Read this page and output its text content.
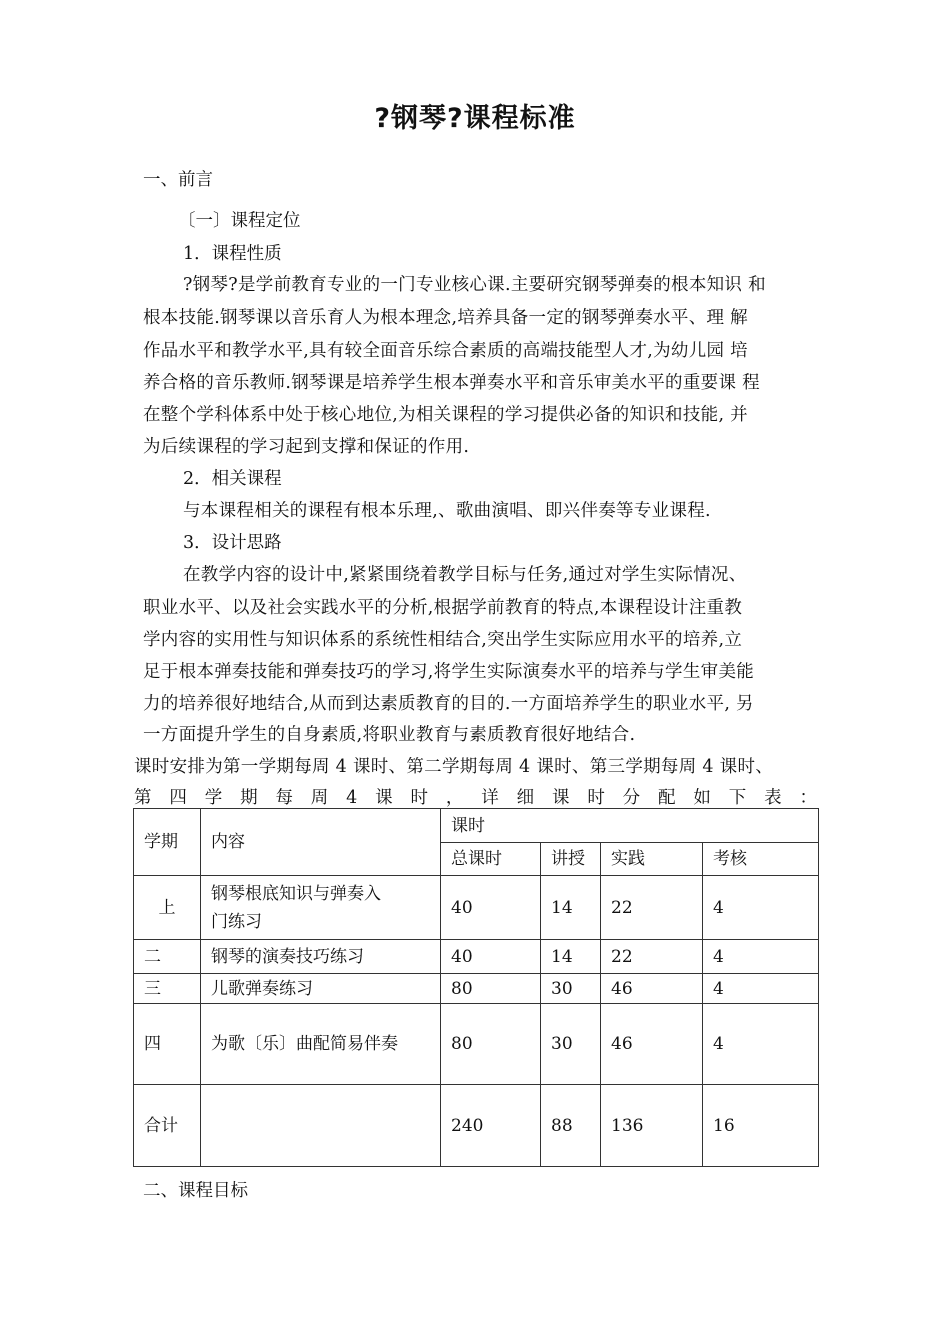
?钢琴?课程标准
一、前言
〔一〕课程定位
1．课程性质
?钢琴?是学前教育专业的一门专业核心课.主要研究钢琴弹奏的根本知识 和
根本技能.钢琴课以音乐育人为根本理念,培养具备一定的钢琴弹奏水平、理 解
作品水平和教学水平,具有较全面音乐综合素质的高端技能型人才,为幼儿园 培
养合格的音乐教师.钢琴课是培养学生根本弹奏水平和音乐审美水平的重要课 程
在整个学科体系中处于核心地位,为相关课程的学习提供必备的知识和技能, 并
为后续课程的学习起到支撑和保证的作用.
2．相关课程
与本课程相关的课程有根本乐理,、歌曲演唱、即兴伴奏等专业课程.
3．设计思路
在教学内容的设计中,紧紧围绕着教学目标与任务,通过对学生实际情况、
职业水平、以及社会实践水平的分析,根据学前教育的特点,本课程设计注重教
学内容的实用性与知识体系的系统性相结合,突出学生实际应用水平的培养,立
足于根本弹奏技能和弹奏技巧的学习,将学生实际演奏水平的培养与学生审美能
力的培养很好地结合,从而到达素质教育的目的.一方面培养学生的职业水平, 另
一方面提升学生的自身素质,将职业教育与素质教育很好地结合.
课时安排为第一学期每周 4 课时、第二学期每周 4 课时、第三学期每周 4 课时、
第四学期每周4课时，详细课时分配如下表：
学期	内容	课时			
		总课时	讲授	实践	考核
上	钢琴根底知识与弹奏入门练习	40	14	22	4
二	钢琴的演奏技巧练习	40	14	22	4
三	儿歌弹奏练习	80	30	46	4
四	为歌〔乐〕曲配简易伴奏	80	30	46	4
合计		240	88	136	16
二、课程目标
